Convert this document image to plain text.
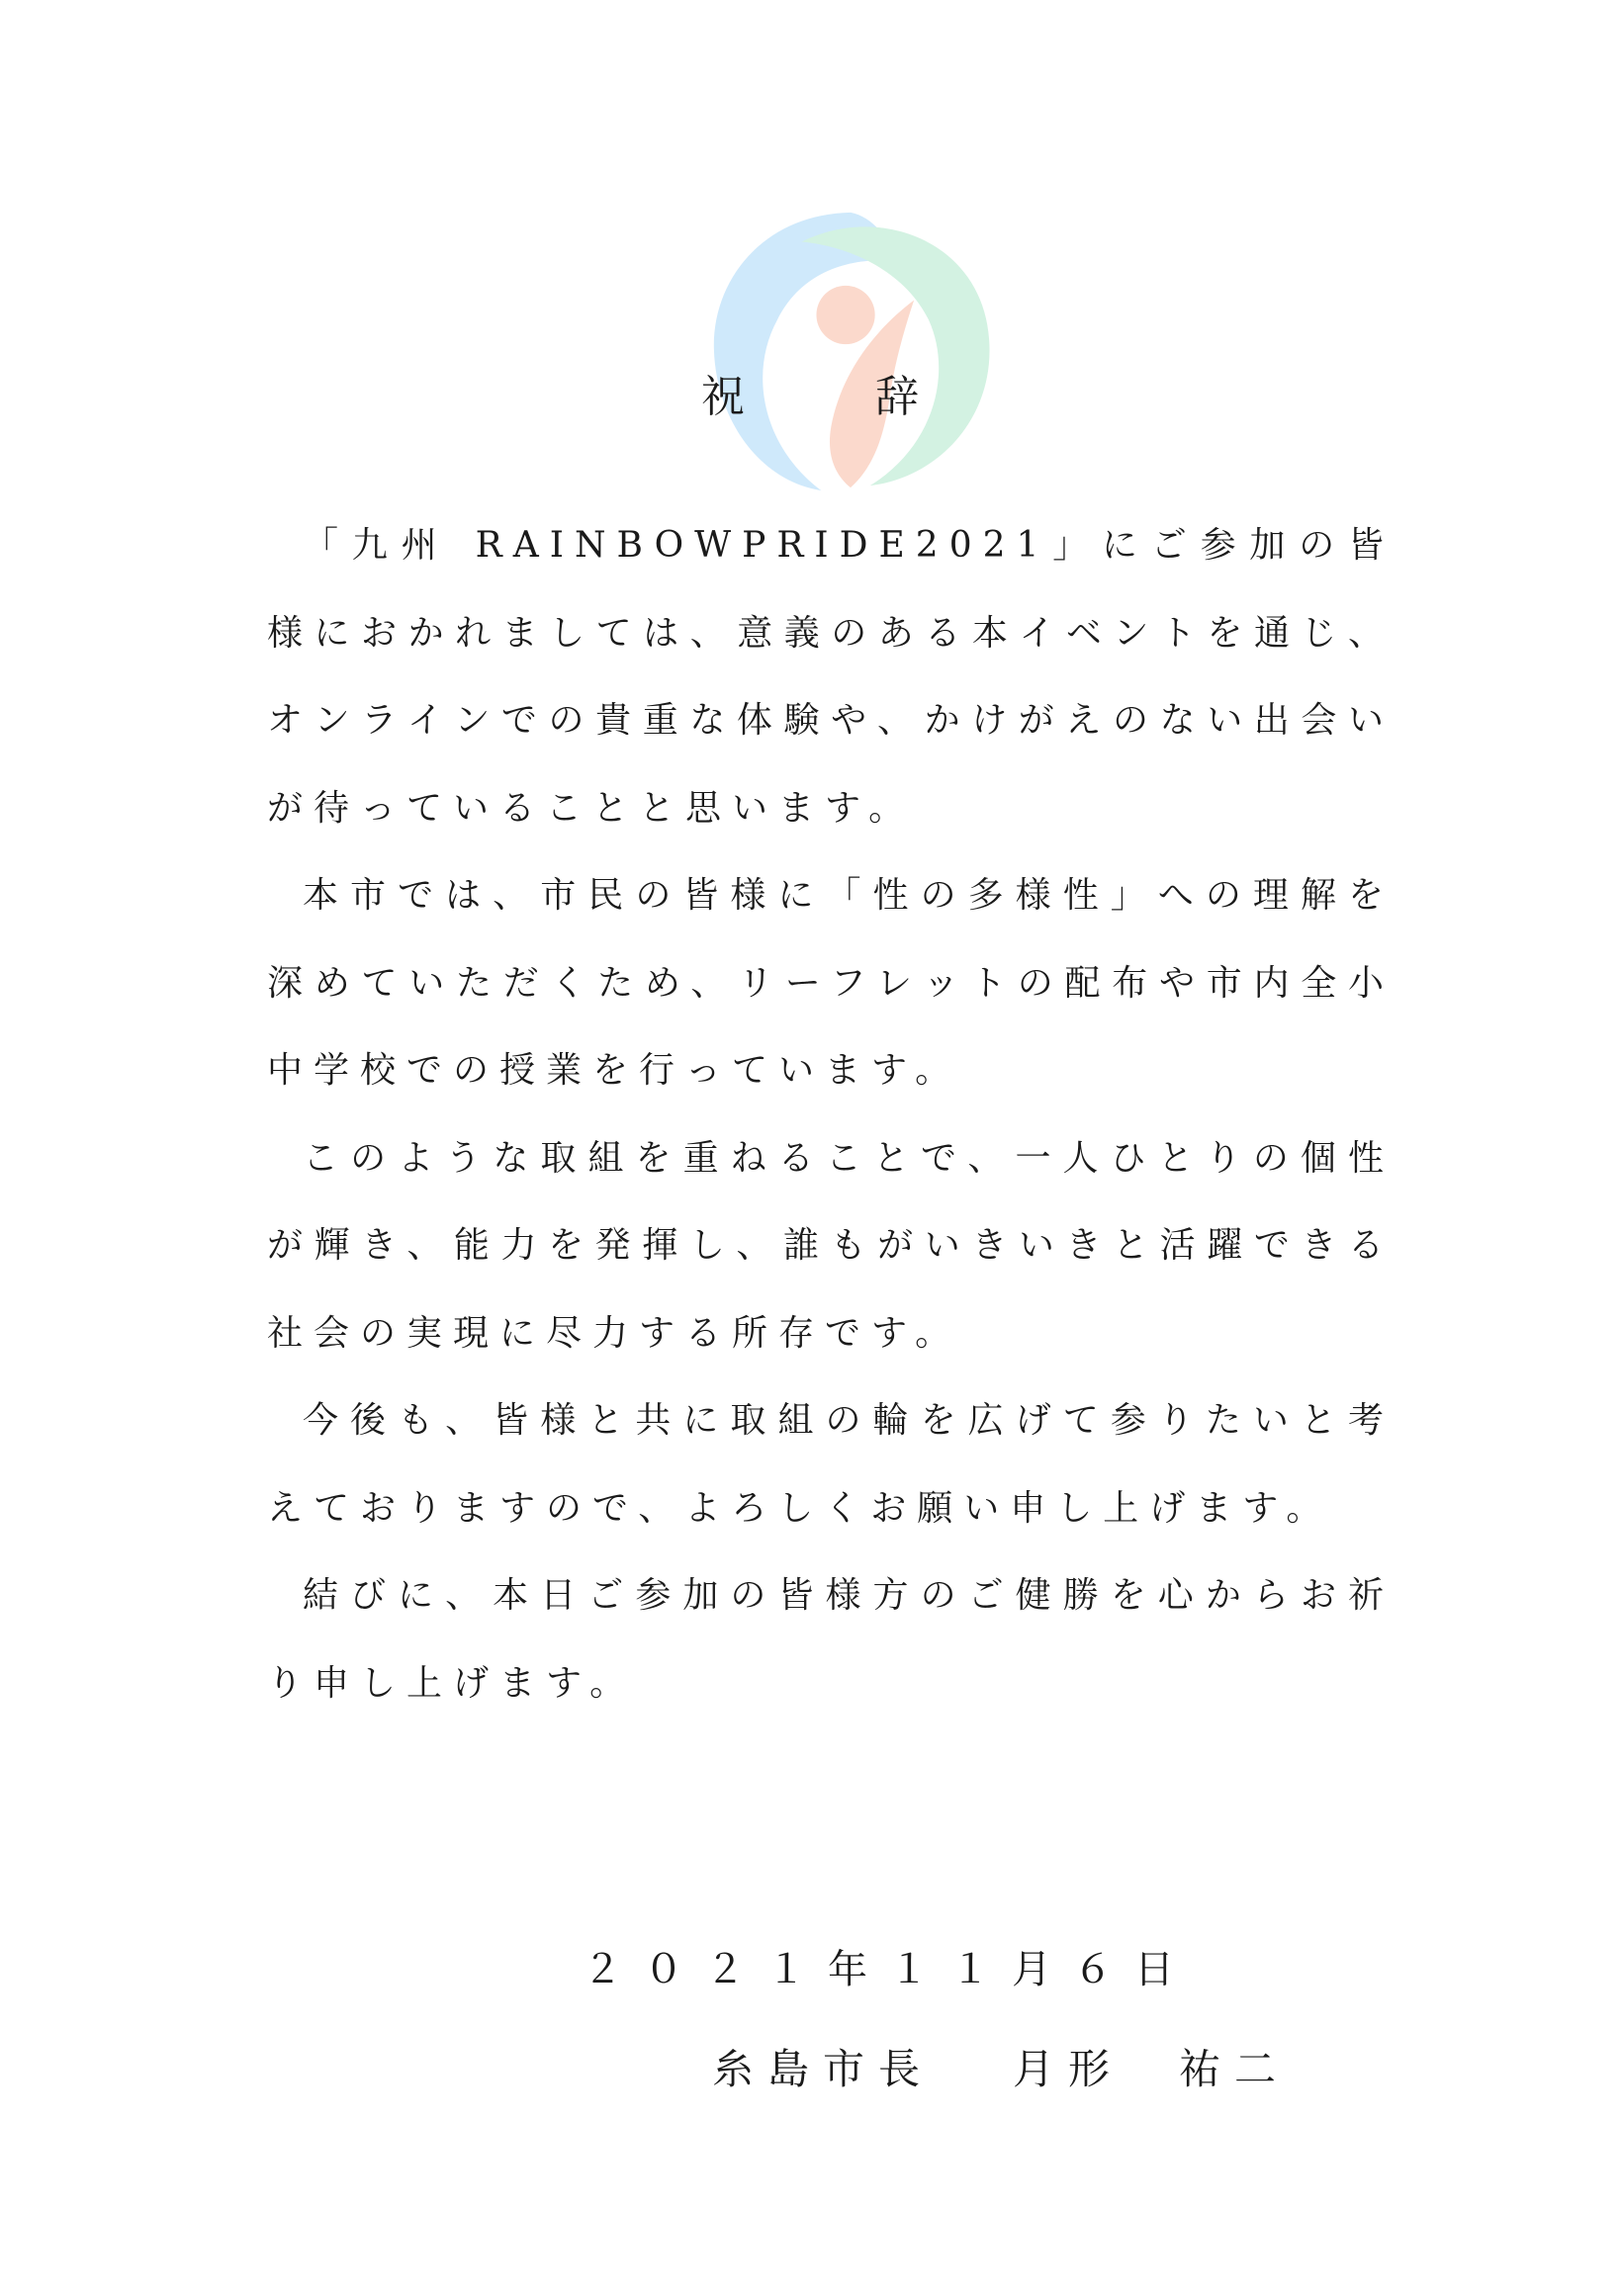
祝　辞

「九州 RAINBOWPRIDE2021」にご参加の皆様におかれましては、意義のある本イベントを通じ、オンラインでの貴重な体験や、かけがえのない出会いが待っていることと思います。

本市では、市民の皆様に「性の多様性」への理解を深めていただくため、リーフレットの配布や市内全小中学校での授業を行っています。

このような取組を重ねることで、一人ひとりの個性が輝き、能力を発揮し、誰もがいきいきと活躍できる社会の実現に尽力する所存です。

今後も、皆様と共に取組の輪を広げて参りたいと考えておりますので、よろしくお願い申し上げます。

結びに、本日ご参加の皆様方のご健勝を心からお祈り申し上げます。

２０２１年１１月６日
糸島市長 月形　祐二
